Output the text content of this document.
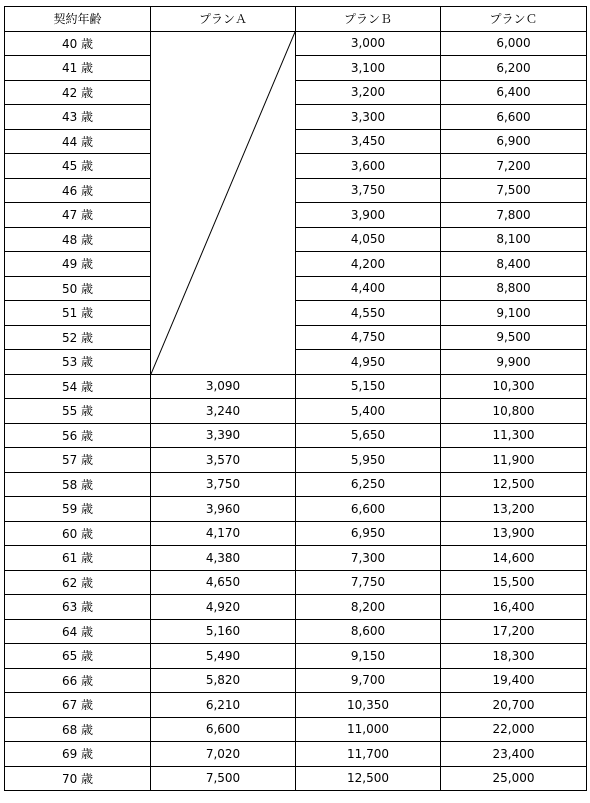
契約年齢	プランＡ	プランＢ	プランＣ
40 歳		3,000	6,000
41 歳		3,100	6,200
42 歳		3,200	6,400
43 歳		3,300	6,600
44 歳		3,450	6,900
45 歳		3,600	7,200
46 歳		3,750	7,500
47 歳		3,900	7,800
48 歳		4,050	8,100
49 歳		4,200	8,400
50 歳		4,400	8,800
51 歳		4,550	9,100
52 歳		4,750	9,500
53 歳		4,950	9,900
54 歳	3,090	5,150	10,300
55 歳	3,240	5,400	10,800
56 歳	3,390	5,650	11,300
57 歳	3,570	5,950	11,900
58 歳	3,750	6,250	12,500
59 歳	3,960	6,600	13,200
60 歳	4,170	6,950	13,900
61 歳	4,380	7,300	14,600
62 歳	4,650	7,750	15,500
63 歳	4,920	8,200	16,400
64 歳	5,160	8,600	17,200
65 歳	5,490	9,150	18,300
66 歳	5,820	9,700	19,400
67 歳	6,210	10,350	20,700
68 歳	6,600	11,000	22,000
69 歳	7,020	11,700	23,400
70 歳	7,500	12,500	25,000
